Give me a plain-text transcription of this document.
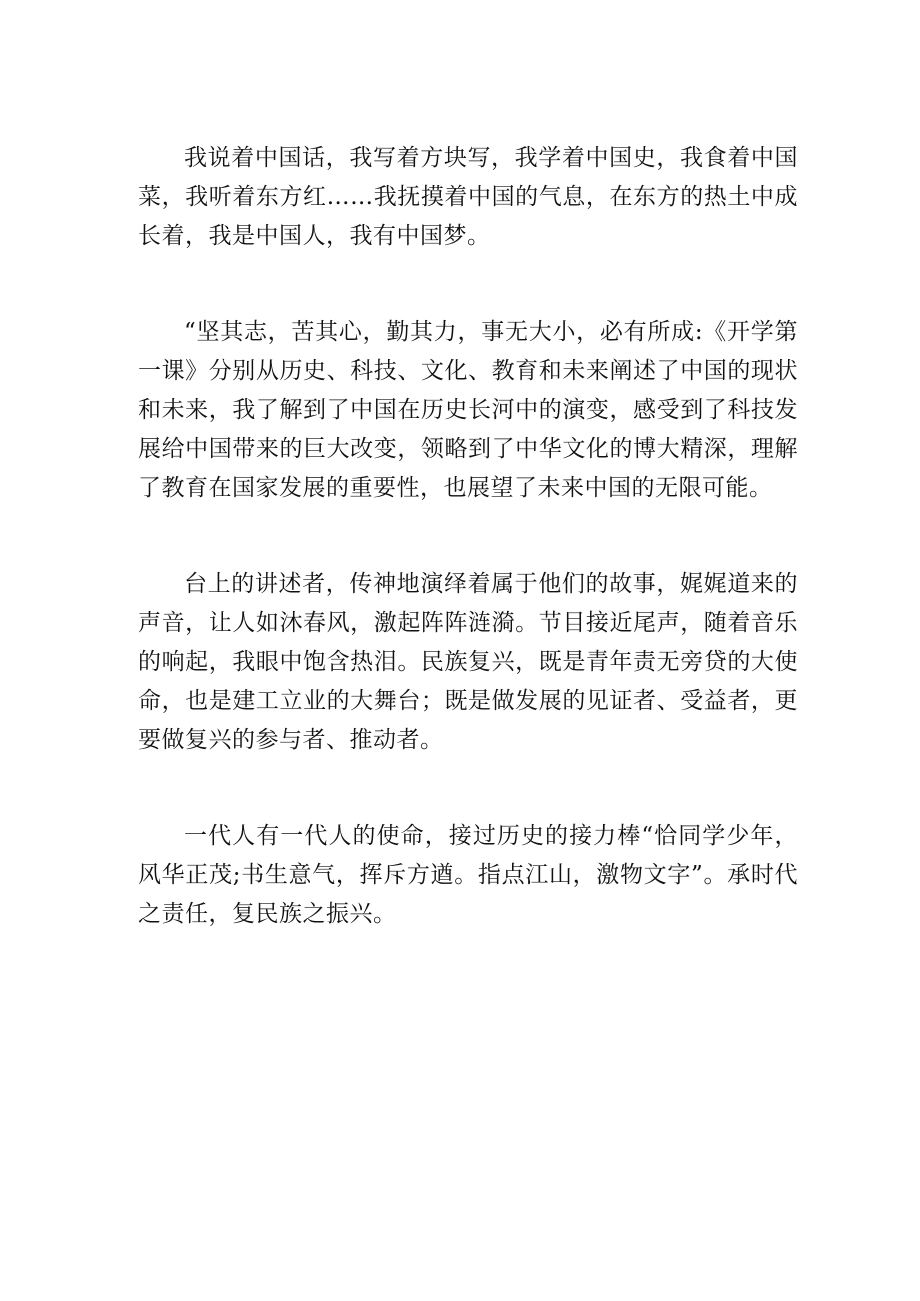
我说着中国话，我写着方块写，我学着中国史，我食着中国菜，我听着东方红……我抚摸着中国的气息，在东方的热土中成长着，我是中国人，我有中国梦。

“坚其志，苦其心，勤其力，事无大小，必有所成:《开学第一课》分别从历史、科技、文化、教育和未来阐述了中国的现状和未来，我了解到了中国在历史长河中的演变，感受到了科技发展给中国带来的巨大改变，领略到了中华文化的博大精深，理解了教育在国家发展的重要性，也展望了未来中国的无限可能。

台上的讲述者，传神地演绎着属于他们的故事，娓娓道来的声音，让人如沐春风，激起阵阵涟漪。节目接近尾声，随着音乐的响起，我眼中饱含热泪。民族复兴，既是青年责无旁贷的大使命，也是建工立业的大舞台；既是做发展的见证者、受益者，更要做复兴的参与者、推动者。

一代人有一代人的使命，接过历史的接力棒“恰同学少年，风华正茂;书生意气，挥斥方遒。指点江山，激物文字”。承时代之责任，复民族之振兴。
